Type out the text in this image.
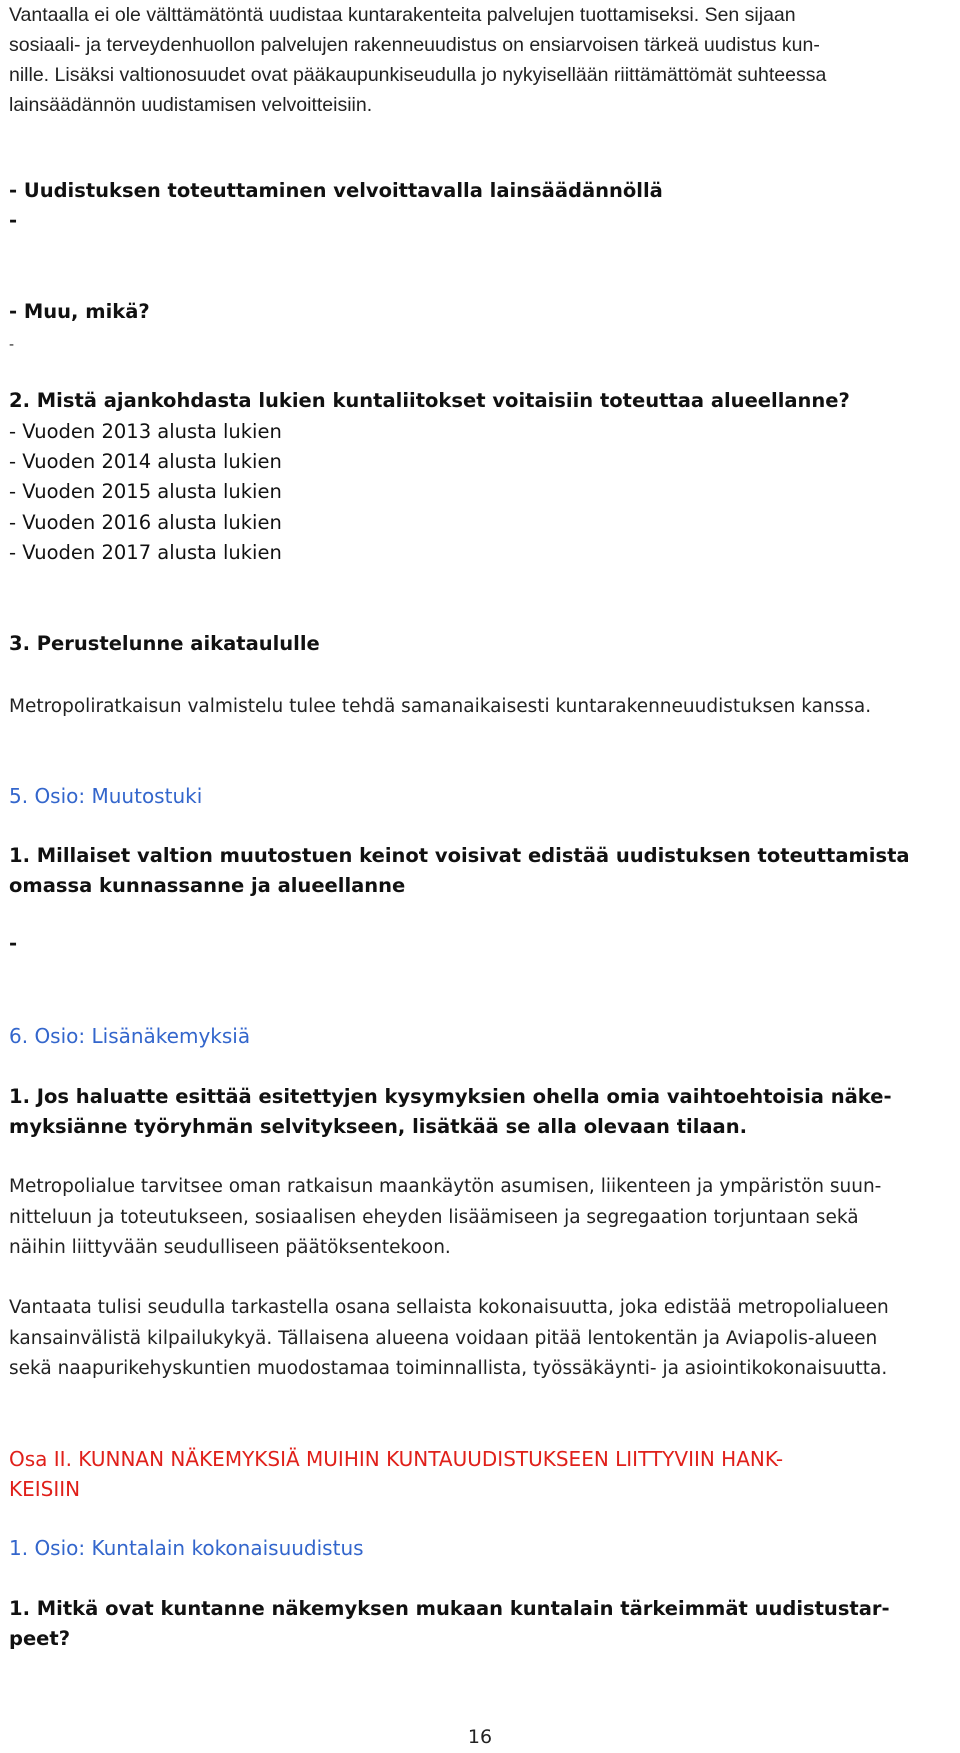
Vantaalla ei ole välttämätöntä uudistaa kuntarakenteita palvelujen tuottamiseksi. Sen sijaan
sosiaali- ja terveydenhuollon palvelujen rakenneuudistus on ensiarvoisen tärkeä uudistus kun-
nille. Lisäksi valtionosuudet ovat pääkaupunkiseudulla jo nykyisellään riittämättömät suhteessa
lainsäädännön uudistamisen velvoitteisiin.
- Uudistuksen toteuttaminen velvoittavalla lainsäädännöllä
-
- Muu, mikä?
-
2. Mistä ajankohdasta lukien kuntaliitokset voitaisiin toteuttaa alueellanne?
- Vuoden 2013 alusta lukien
- Vuoden 2014 alusta lukien
- Vuoden 2015 alusta lukien
- Vuoden 2016 alusta lukien
- Vuoden 2017 alusta lukien
3. Perustelunne aikataululle
Metropoliratkaisun valmistelu tulee tehdä samanaikaisesti kuntarakenneuudistuksen kanssa.
5. Osio: Muutostuki
1. Millaiset valtion muutostuen keinot voisivat edistää uudistuksen toteuttamista
omassa kunnassanne ja alueellanne
-
6. Osio: Lisänäkemyksiä
1. Jos haluatte esittää esitettyjen kysymyksien ohella omia vaihtoehtoisia näke-
myksiänne työryhmän selvitykseen, lisätkää se alla olevaan tilaan.
Metropolialue tarvitsee oman ratkaisun maankäytön asumisen, liikenteen ja ympäristön suun-
nitteluun ja toteutukseen, sosiaalisen eheyden lisäämiseen ja segregaation torjuntaan sekä
näihin liittyvään seudulliseen päätöksentekoon.
Vantaata tulisi seudulla tarkastella osana sellaista kokonaisuutta, joka edistää metropolialueen
kansainvälistä kilpailukykyä. Tällaisena alueena voidaan pitää lentokentän ja Aviapolis-alueen
sekä naapurikehyskuntien muodostamaa toiminnallista, työssäkäynti- ja asiointikokonaisuutta.
Osa II. KUNNAN NÄKEMYKSIÄ MUIHIN KUNTAUUDISTUKSEEN LIITTYVIIN HANK-
KEISIIN
1. Osio: Kuntalain kokonaisuudistus
1. Mitkä ovat kuntanne näkemyksen mukaan kuntalain tärkeimmät uudistustar-
peet?
16
